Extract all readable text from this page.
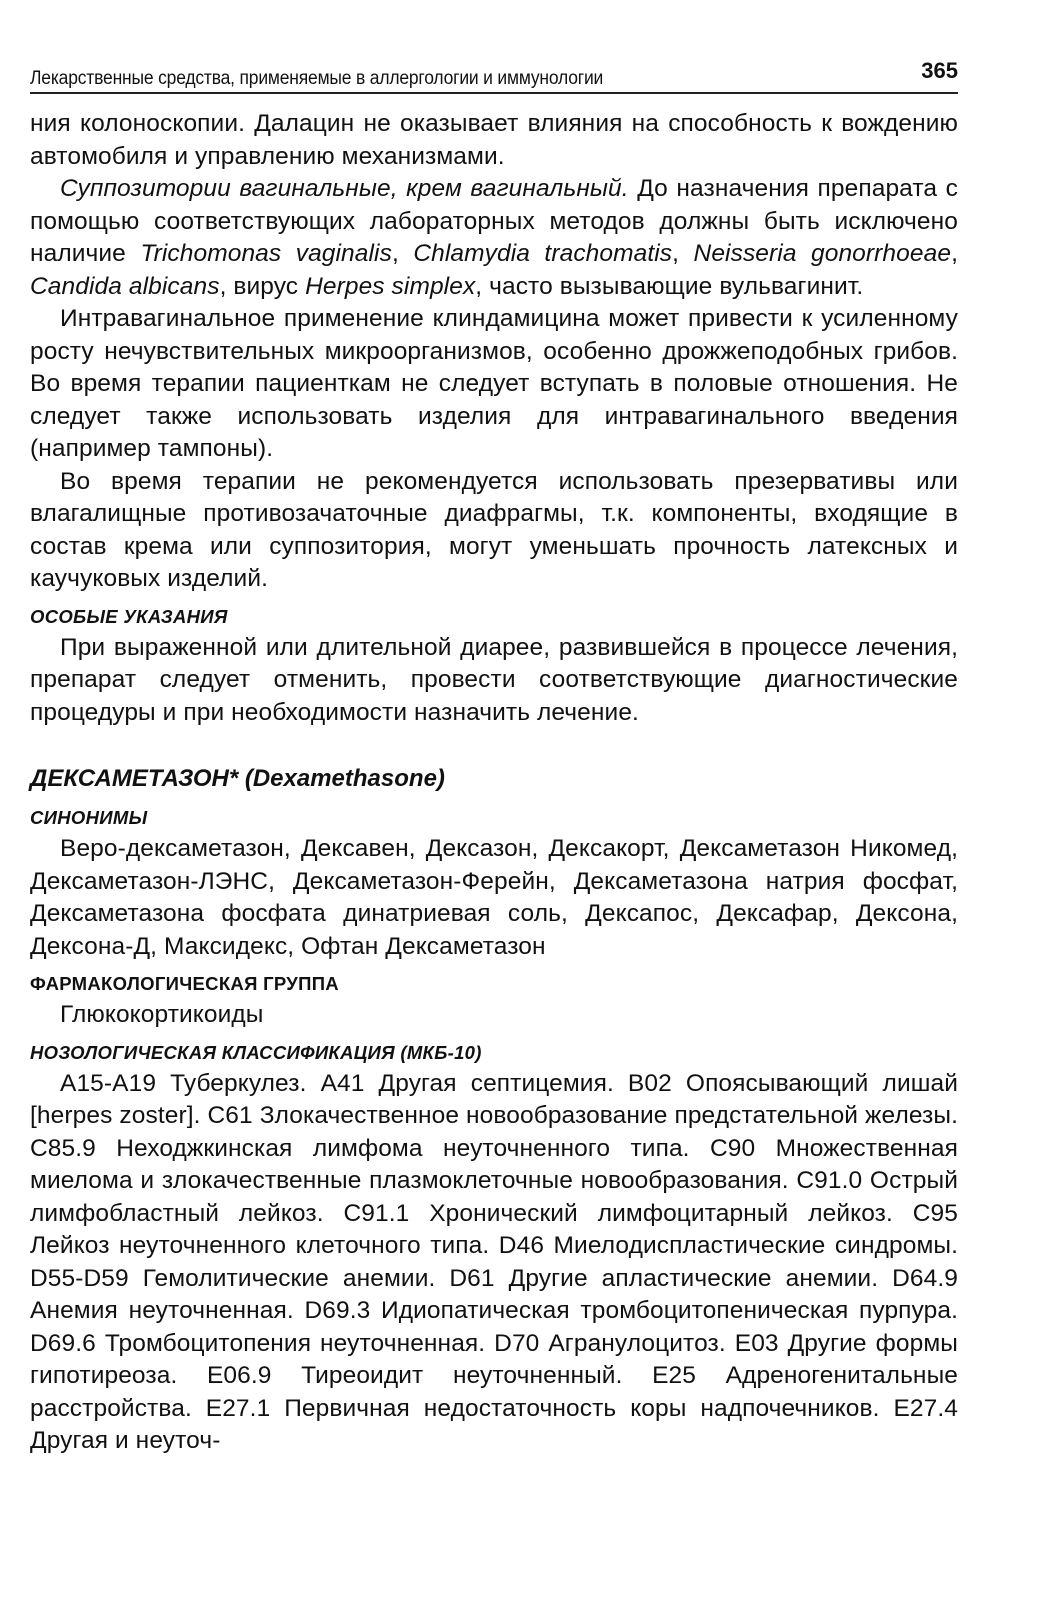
Лекарственные средства, применяемые в аллергологии и иммунологии	365

ния колоноскопии. Далацин не оказывает влияния на способность к вождению автомобиля и управлению механизмами.

Суппозитории вагинальные, крем вагинальный. До назначения препарата с помощью соответствующих лабораторных методов должны быть исключено наличие Trichomonas vaginalis, Chlamydia trachomatis, Neisseria gonorrhoeae, Candida albicans, вирус Herpes simplex, часто вызывающие вульвагинит.

Интравагинальное применение клиндамицина может привести к усиленному росту нечувствительных микроорганизмов, особенно дрожжеподобных грибов. Во время терапии пациенткам не следует вступать в половые отношения. Не следует также использовать изделия для интравагинального введения (например тампоны).

Во время терапии не рекомендуется использовать презервативы или влагалищные противозачаточные диафрагмы, т.к. компоненты, входящие в состав крема или суппозитория, могут уменьшать прочность латексных и каучуковых изделий.

ОСОБЫЕ УКАЗАНИЯ

При выраженной или длительной диарее, развившейся в процессе лечения, препарат следует отменить, провести соответствующие диагностические процедуры и при необходимости назначить лечение.

ДЕКСАМЕТАЗОН* (Dexamethasone)
СИНОНИМЫ

Веро-дексаметазон, Дексавен, Дексазон, Дексакорт, Дексаметазон Никомед, Дексаметазон-ЛЭНС, Дексаметазон-Ферейн, Дексаметазона натрия фосфат, Дексаметазона фосфата динатриевая соль, Дексапос, Дексафар, Дексона, Дексона-Д, Максидекс, Офтан Дексаметазон

ФАРМАКОЛОГИЧЕСКАЯ ГРУППА

Глюкокортикоиды

НОЗОЛОГИЧЕСКАЯ КЛАССИФИКАЦИЯ (МКБ-10)

A15-A19 Туберкулез. A41 Другая септицемия. B02 Опоясывающий лишай [herpes zoster]. C61 Злокачественное новообразование предстательной железы. C85.9 Неходжкинская лимфома неуточненного типа. C90 Множественная миелома и злокачественные плазмоклеточные новообразования. C91.0 Острый лимфобластный лейкоз. C91.1 Хронический лимфоцитарный лейкоз. C95 Лейкоз неуточненного клеточного типа. D46 Миелодиспластические синдромы. D55-D59 Гемолитические анемии. D61 Другие апластические анемии. D64.9 Анемия неуточненная. D69.3 Идиопатическая тромбоцитопеническая пурпура. D69.6 Тромбоцитопения неуточненная. D70 Агранулоцитоз. E03 Другие формы гипотиреоза. E06.9 Тиреоидит неуточненный. E25 Адреногенитальные расстройства. E27.1 Первичная недостаточность коры надпочечников. E27.4 Другая и неуточ-
